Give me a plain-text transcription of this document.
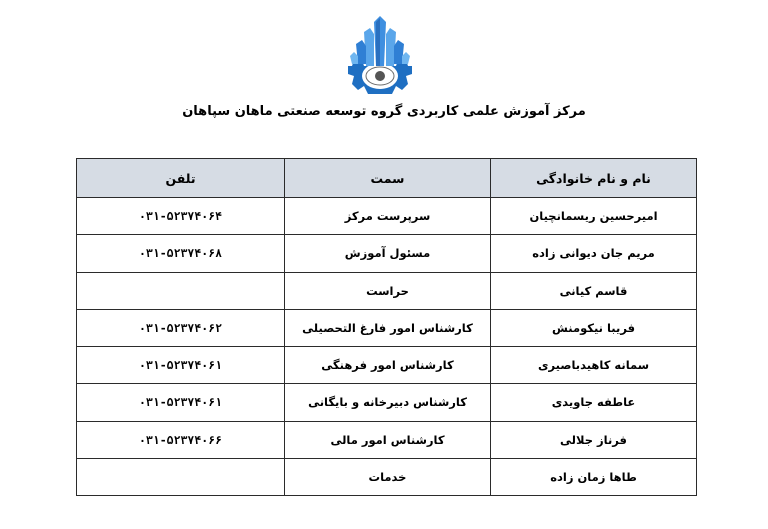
مرکز آموزش علمی کاربردی گروه توسعه صنعتی ماهان سپاهان
نام و نام خانوادگی	سمت	تلفن
امیرحسین ریسمانچیان	سرپرست مرکز	۰۳۱-۵۲۳۷۴۰۶۴
مریم جان دیوانی زاده	مسئول آموزش	۰۳۱-۵۲۳۷۴۰۶۸
قاسم کیانی	حراست	
فریبا نیکومنش	کارشناس امور فارغ التحصیلی	۰۳۱-۵۲۳۷۴۰۶۲
سمانه کاهیدباصیری	کارشناس امور فرهنگی	۰۳۱-۵۲۳۷۴۰۶۱
عاطفه جاویدی	کارشناس دبیرخانه و بایگانی	۰۳۱-۵۲۳۷۴۰۶۱
فرناز جلالی	کارشناس امور مالی	۰۳۱-۵۲۳۷۴۰۶۶
طاها زمان زاده	خدمات	
